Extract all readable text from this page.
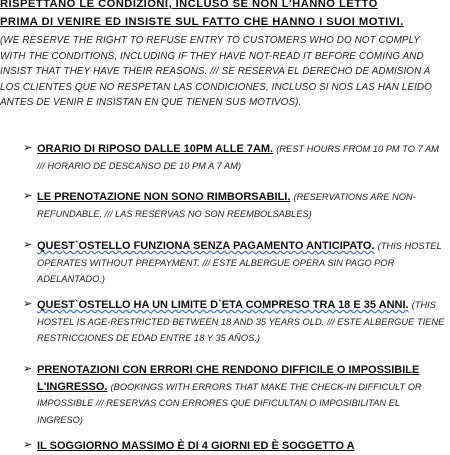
RISPETTANO LE CONDIZIONI, INCLUSO SE NON L'HANNO LETTO
PRIMA DI VENIRE ED INSISTE SUL FATTO CHE HANNO I SUOI MOTIVI.
(WE RESERVE THE RIGHT TO REFUSE ENTRY TO CUSTOMERS WHO DO NOT COMPLY WITH THE CONDITIONS, INCLUDING IF THEY HAVE NOT-READ IT BEFORE COMING AND INSIST THAT THEY HAVE THEIR REASONS. /// SE RESERVA EL DERECHO DE ADMISION A LOS CLIENTES QUE NO RESPETAN LAS CONDICIONES, INCLUSO SI NOS LAS HAN LEIDO ANTES DE VENIR E INSISTAN EN QUE TIENEN SUS MOTIVOS).
➢ ORARIO DI RIPOSO DALLE 10PM ALLE 7AM. (REST HOURS FROM 10 PM TO 7 AM /// HORARIO DE DESCANSO DE 10 PM A 7 AM)
➢ LE PRENOTAZIONE NON SONO RIMBORSABILI. (RESERVATIONS ARE NON-REFUNDABLE. /// LAS RESERVAS NO SON REEMBOLSABLES)
➢ QUEST`OSTELLO FUNZIONA SENZA PAGAMENTO ANTICIPATO. (THIS HOSTEL OPERATES WITHOUT PREPAYMENT. /// ESTE ALBERGUE OPERA SIN PAGO POR ADELANTADO.)
➢ QUEST`OSTELLO HA UN LIMITE D`ETA COMPRESO TRA 18 E 35 ANNI. (THIS HOSTEL IS AGE-RESTRICTED BETWEEN 18 AND 35 YEARS OLD. /// ESTE ALBERGUE TIENE RESTRICCIONES DE EDAD ENTRE 18 Y 35 AÑOS.)
➢ PRENOTAZIONI CON ERRORI CHE RENDONO DIFFICILE O IMPOSSIBILE L'INGRESSO. (BOOKINGS WITH ERRORS THAT MAKE THE CHECK-IN DIFFICULT OR IMPOSSIBLE /// RESERVAS CON ERRORES QUE DIFICULTAN O IMPOSIBILITAN EL INGRESO)
➢ IL SOGGIORNO MASSIMO È DI 4 GIORNI ED È SOGGETTO A
